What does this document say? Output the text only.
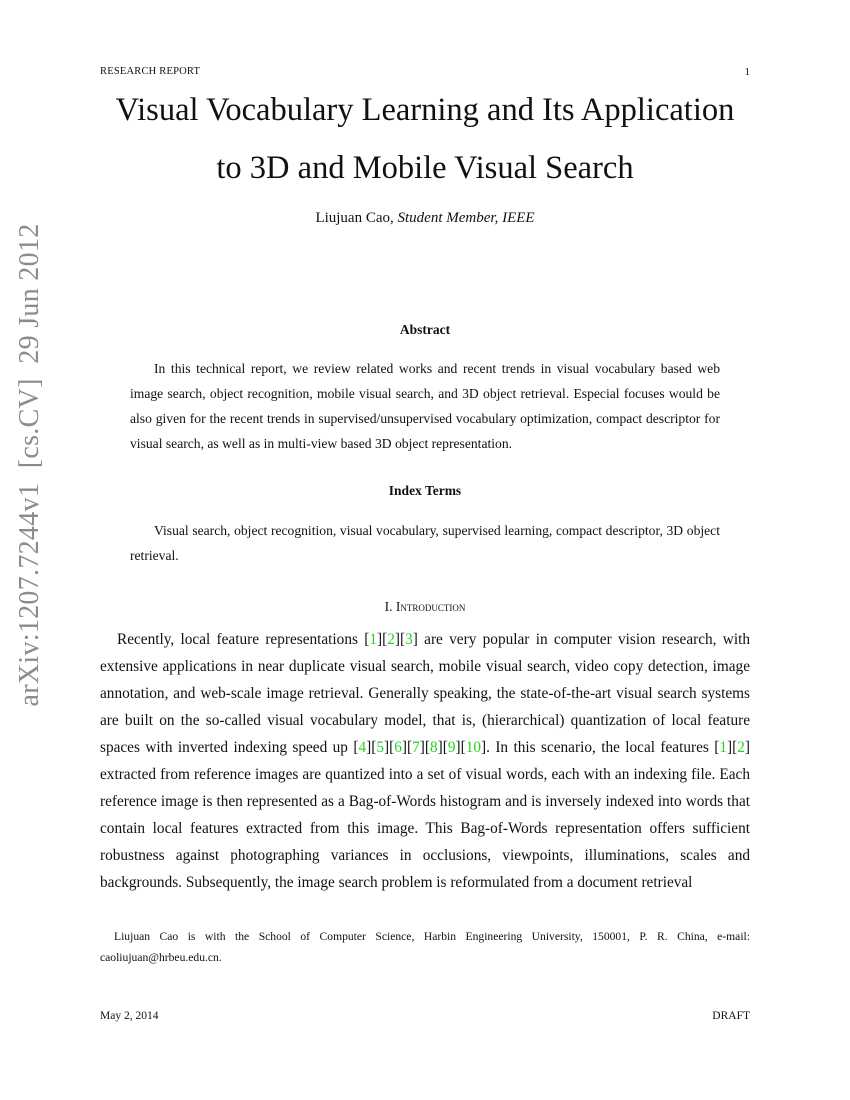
RESEARCH REPORT	1
Visual Vocabulary Learning and Its Application
to 3D and Mobile Visual Search
Liujuan Cao, Student Member, IEEE
arXiv:1207.7244v1  [cs.CV]  29 Jun 2012	Abstract
In this technical report, we review related works and recent trends in visual vocabulary based web image search, object recognition, mobile visual search, and 3D object retrieval. Especial focuses would be also given for the recent trends in supervised/unsupervised vocabulary optimization, compact descriptor for visual search, as well as in multi-view based 3D object representation.
Index Terms
Visual search, object recognition, visual vocabulary, supervised learning, compact descriptor, 3D object retrieval.
I. Introduction
Recently, local feature representations [1][2][3] are very popular in computer vision research, with extensive applications in near duplicate visual search, mobile visual search, video copy detection, image annotation, and web-scale image retrieval. Generally speaking, the state-of-the-art visual search systems are built on the so-called visual vocabulary model, that is, (hierarchical) quantization of local feature spaces with inverted indexing speed up [4][5][6][7][8][9][10]. In this scenario, the local features [1][2] extracted from reference images are quantized into a set of visual words, each with an indexing file. Each reference image is then represented as a Bag-of-Words histogram and is inversely indexed into words that contain local features extracted from this image. This Bag-of-Words representation offers sufficient robustness against photographing variances in occlusions, viewpoints, illuminations, scales and backgrounds. Subsequently, the image search problem is reformulated from a document retrieval
Liujuan Cao is with the School of Computer Science, Harbin Engineering University, 150001, P. R. China, e-mail: caoliujuan@hrbeu.edu.cn.
May 2, 2014	DRAFT
